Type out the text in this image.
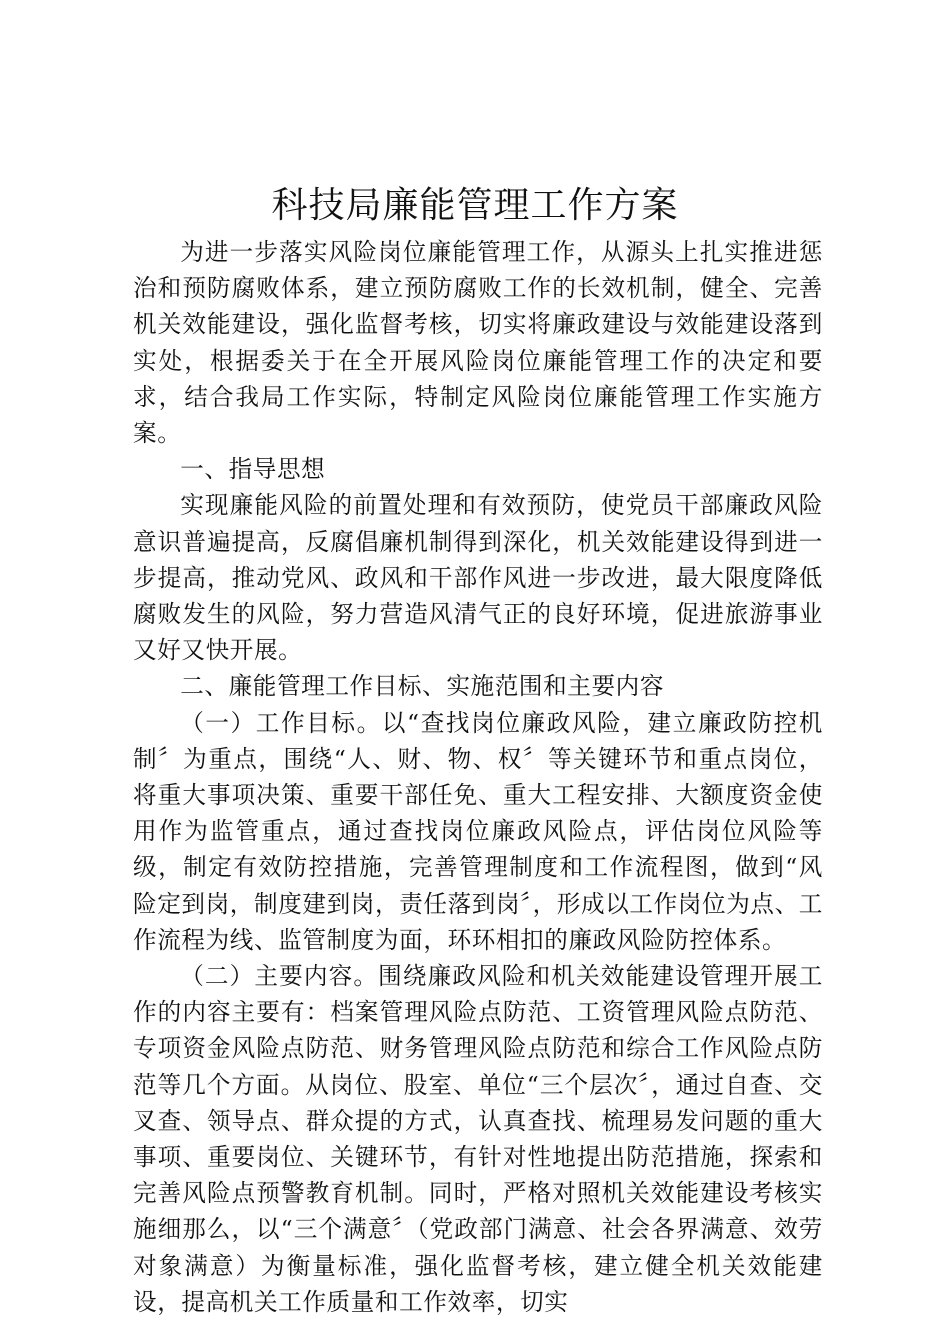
科技局廉能管理工作方案

为进一步落实风险岗位廉能管理工作，从源头上扎实推进惩治和预防腐败体系，建立预防腐败工作的长效机制，健全、完善机关效能建设，强化监督考核，切实将廉政建设与效能建设落到实处，根据委关于在全开展风险岗位廉能管理工作的决定和要求，结合我局工作实际，特制定风险岗位廉能管理工作实施方案。

一、指导思想

实现廉能风险的前置处理和有效预防，使党员干部廉政风险意识普遍提高，反腐倡廉机制得到深化，机关效能建设得到进一步提高，推动党风、政风和干部作风进一步改进，最大限度降低腐败发生的风险，努力营造风清气正的良好环境，促进旅游事业又好又快开展。

二、廉能管理工作目标、实施范围和主要内容

（一）工作目标。以“查找岗位廉政风险，建立廉政防控机制〞为重点，围绕“人、财、物、权〞等关键环节和重点岗位，将重大事项决策、重要干部任免、重大工程安排、大额度资金使用作为监管重点，通过查找岗位廉政风险点，评估岗位风险等级，制定有效防控措施，完善管理制度和工作流程图，做到“风险定到岗，制度建到岗，责任落到岗〞，形成以工作岗位为点、工作流程为线、监管制度为面，环环相扣的廉政风险防控体系。

（二）主要内容。围绕廉政风险和机关效能建设管理开展工作的内容主要有：档案管理风险点防范、工资管理风险点防范、专项资金风险点防范、财务管理风险点防范和综合工作风险点防范等几个方面。从岗位、股室、单位“三个层次〞，通过自查、交叉查、领导点、群众提的方式，认真查找、梳理易发问题的重大事项、重要岗位、关键环节，有针对性地提出防范措施，探索和完善风险点预警教育机制。同时，严格对照机关效能建设考核实施细那么，以“三个满意〞（党政部门满意、社会各界满意、效劳对象满意）为衡量标准，强化监督考核，建立健全机关效能建设，提高机关工作质量和工作效率，切实
